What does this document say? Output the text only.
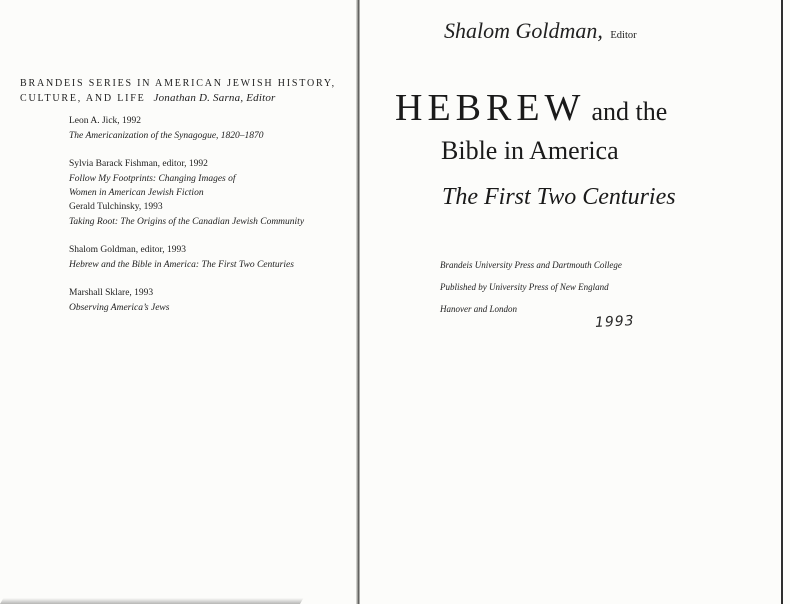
BRANDEIS SERIES IN AMERICAN JEWISH HISTORY,
CULTURE, AND LIFE Jonathan D. Sarna, Editor
Leon A. Jick, 1992
The Americanization of the Synagogue, 1820–1870
Sylvia Barack Fishman, editor, 1992
Follow My Footprints: Changing Images of
Women in American Jewish Fiction
Gerald Tulchinsky, 1993
Taking Root: The Origins of the Canadian Jewish Community
Shalom Goldman, editor, 1993
Hebrew and the Bible in America: The First Two Centuries
Marshall Sklare, 1993
Observing America’s Jews
Shalom Goldman, Editor
HEBREW and the
Bible in America
The First Two Centuries
Brandeis University Press and Dartmouth College
Published by University Press of New England
Hanover and London
1993
